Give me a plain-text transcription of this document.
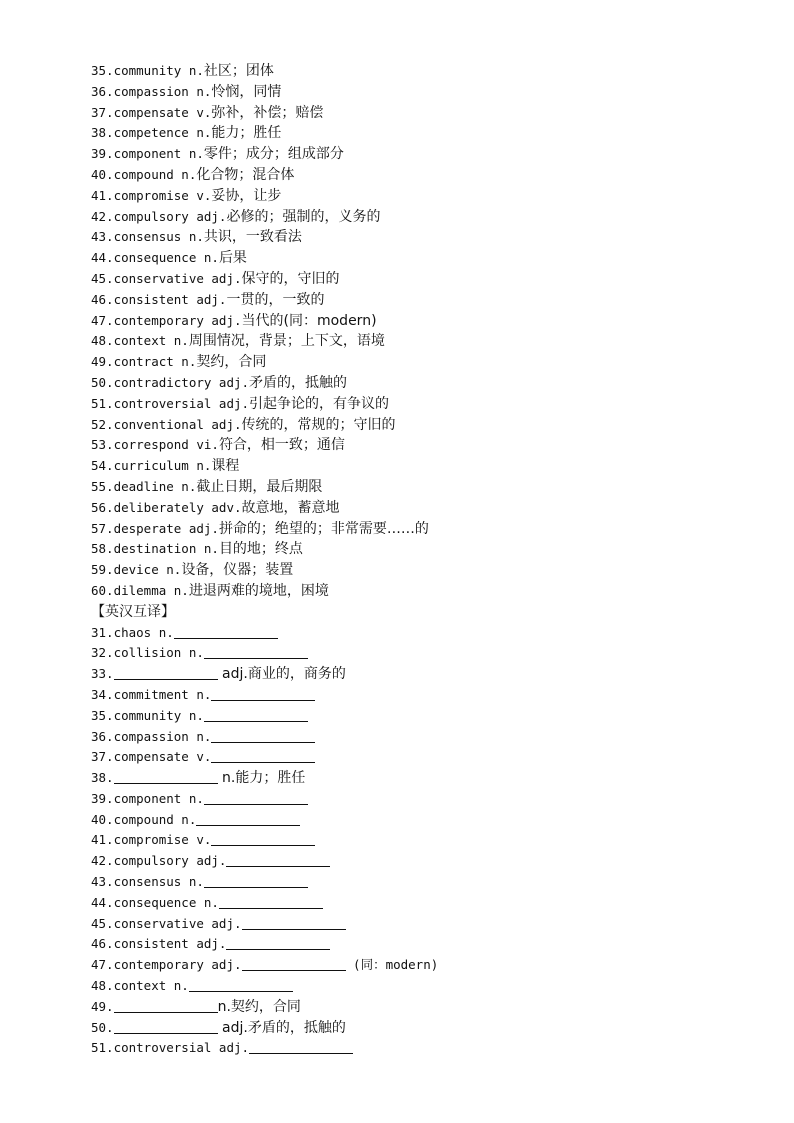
35.community n.社区；团体
36.compassion n.怜悯，同情
37.compensate v.弥补，补偿；赔偿
38.competence n.能力；胜任
39.component n.零件；成分；组成部分
40.compound n.化合物；混合体
41.compromise v.妥协，让步
42.compulsory adj.必修的；强制的，义务的
43.consensus n.共识，一致看法
44.consequence n.后果
45.conservative adj.保守的，守旧的
46.consistent adj.一贯的，一致的
47.contemporary adj.当代的(同：modern)
48.context n.周围情况，背景；上下文，语境
49.contract n.契约，合同
50.contradictory adj.矛盾的，抵触的
51.controversial adj.引起争论的，有争议的
52.conventional adj.传统的，常规的；守旧的
53.correspond vi.符合，相一致；通信
54.curriculum n.课程
55.deadline n.截止日期，最后期限
56.deliberately adv.故意地，蓄意地
57.desperate adj.拼命的；绝望的；非常需要……的
58.destination n.目的地；终点
59.device n.设备，仪器；装置
60.dilemma n.进退两难的境地，困境
【英汉互译】
31.chaos n.
32.collision n.
33.	adj.商业的，商务的
34.commitment n.
35.community n.
36.compassion n.
37.compensate v.
38.	n.能力；胜任
39.component n.
40.compound n.
41.compromise v.
42.compulsory adj.
43.consensus n.
44.consequence n.
45.conservative adj.
46.consistent adj.
47.contemporary adj.	(同：modern)
48.context n.
49.	n.契约，合同
50.	adj.矛盾的，抵触的
51.controversial adj.
